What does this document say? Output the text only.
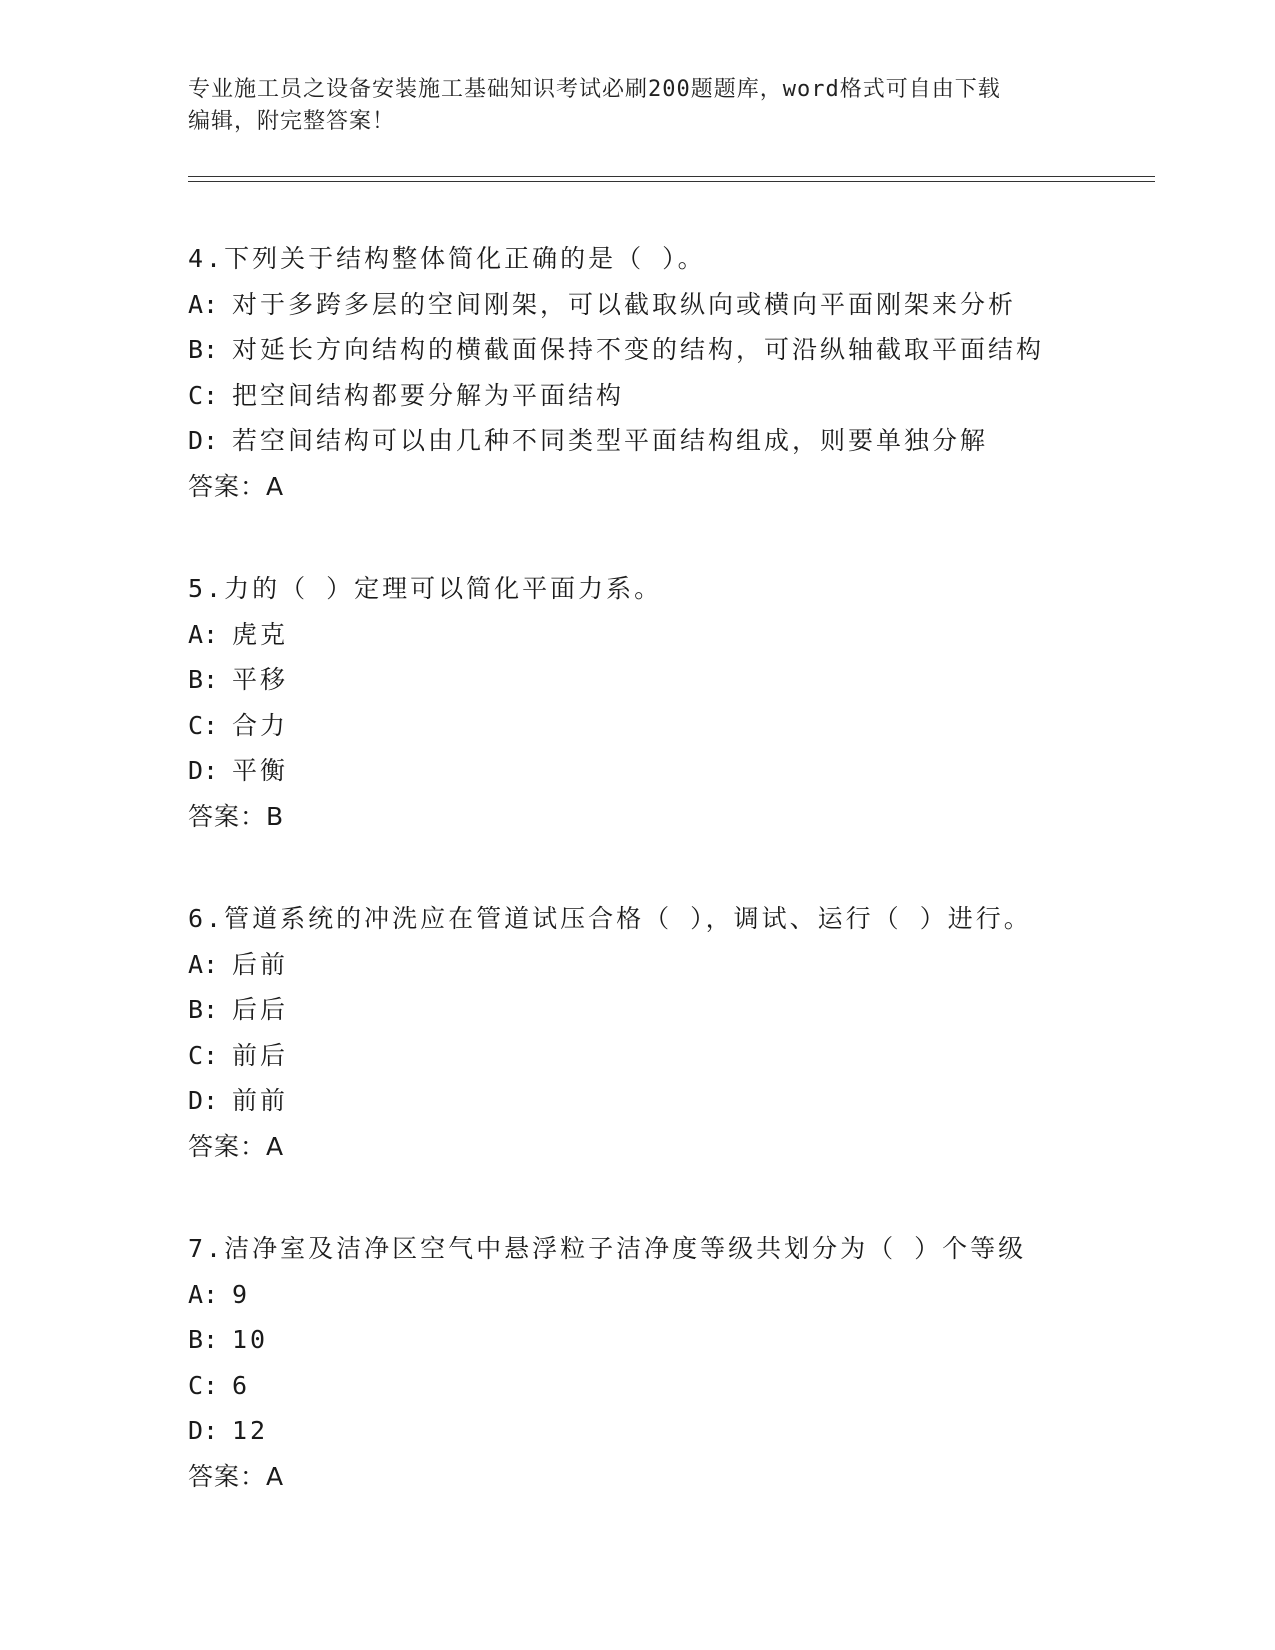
专业施工员之设备安装施工基础知识考试必刷200题题库，word格式可自由下载
编辑，附完整答案！
4.下列关于结构整体简化正确的是（ ）。
A: 对于多跨多层的空间刚架，可以截取纵向或横向平面刚架来分析
B: 对延长方向结构的横截面保持不变的结构，可沿纵轴截取平面结构
C: 把空间结构都要分解为平面结构
D: 若空间结构可以由几种不同类型平面结构组成，则要单独分解
答案：A
5.力的（ ）定理可以简化平面力系。
A: 虎克
B: 平移
C: 合力
D: 平衡
答案：B
6.管道系统的冲洗应在管道试压合格（ ），调试、运行（ ）进行。
A: 后前
B: 后后
C: 前后
D: 前前
答案：A
7.洁净室及洁净区空气中悬浮粒子洁净度等级共划分为（ ）个等级
A: 9
B: 10
C: 6
D: 12
答案：A
